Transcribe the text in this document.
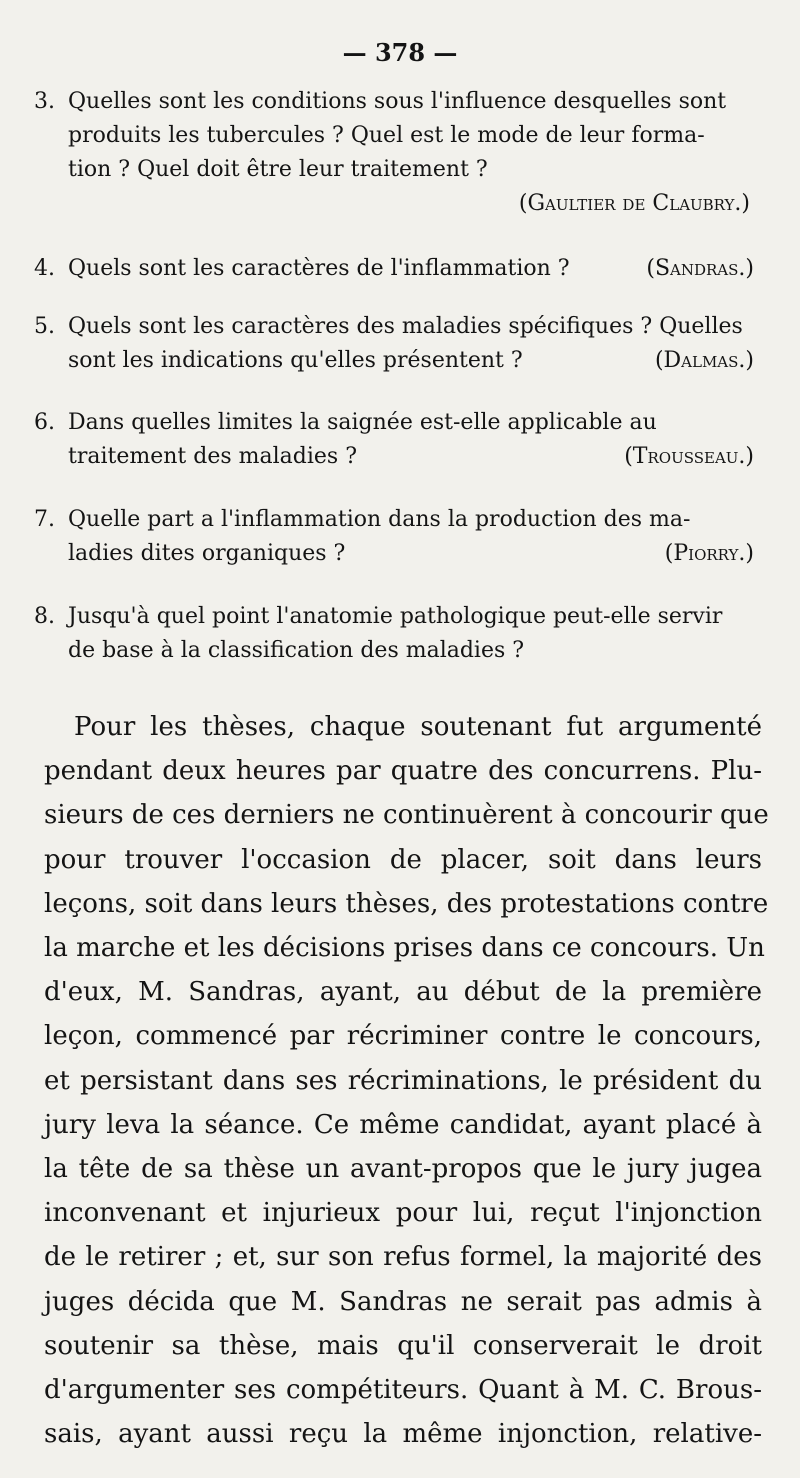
— 378 —
3. Quelles sont les conditions sous l'influence desquelles sont
produits les tubercules ? Quel est le mode de leur forma-
tion ? Quel doit être leur traitement ?
(Gaultier de Claubry.)
4. Quels sont les caractères de l'inflammation ?	(Sandras.)
5. Quels sont les caractères des maladies spécifiques ? Quelles
sont les indications qu'elles présentent ?	(Dalmas.)
6. Dans quelles limites la saignée est-elle applicable au
traitement des maladies ?	(Trousseau.)
7. Quelle part a l'inflammation dans la production des ma-
ladies dites organiques ?	(Piorry.)
8. Jusqu'à quel point l'anatomie pathologique peut-elle servir
de base à la classification des maladies ?
Pour les thèses, chaque soutenant fut argumenté
pendant deux heures par quatre des concurrens. Plu-
sieurs de ces derniers ne continuèrent à concourir que
pour trouver l'occasion de placer, soit dans leurs
leçons, soit dans leurs thèses, des protestations contre
la marche et les décisions prises dans ce concours. Un
d'eux, M. Sandras, ayant, au début de la première
leçon, commencé par récriminer contre le concours,
et persistant dans ses récriminations, le président du
jury leva la séance. Ce même candidat, ayant placé à
la tête de sa thèse un avant-propos que le jury jugea
inconvenant et injurieux pour lui, reçut l'injonction
de le retirer ; et, sur son refus formel, la majorité des
juges décida que M. Sandras ne serait pas admis à
soutenir sa thèse, mais qu'il conserverait le droit
d'argumenter ses compétiteurs. Quant à M. C. Brous-
sais, ayant aussi reçu la même injonction, relative-
